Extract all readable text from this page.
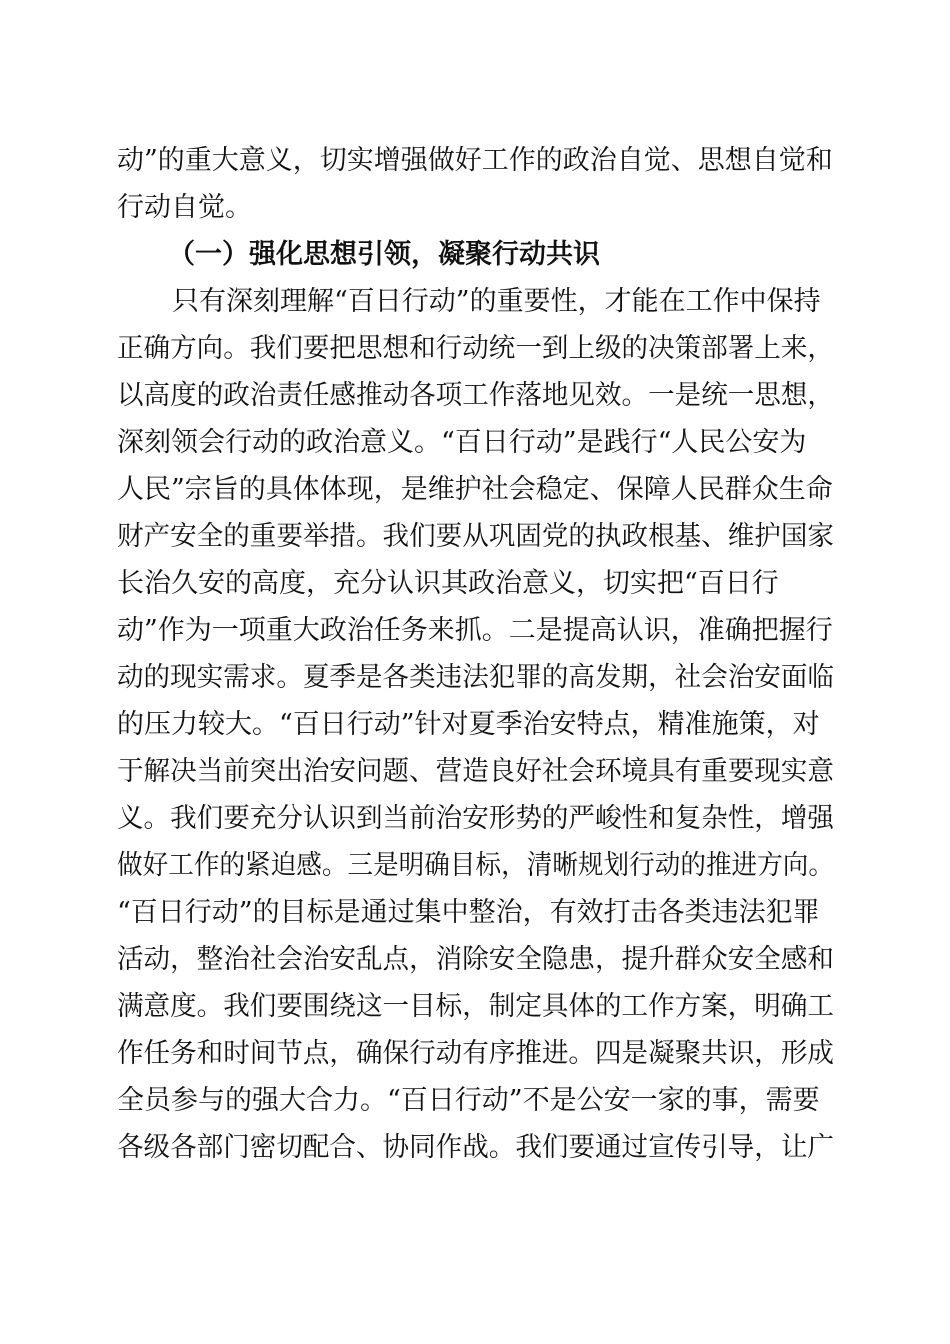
动”的重大意义，切实增强做好工作的政治自觉、思想自觉和
行动自觉。
（一）强化思想引领，凝聚行动共识
只有深刻理解“百日行动”的重要性，才能在工作中保持
正确方向。我们要把思想和行动统一到上级的决策部署上来，
以高度的政治责任感推动各项工作落地见效。一是统一思想，
深刻领会行动的政治意义。“百日行动”是践行“人民公安为
人民”宗旨的具体体现，是维护社会稳定、保障人民群众生命
财产安全的重要举措。我们要从巩固党的执政根基、维护国家
长治久安的高度，充分认识其政治意义，切实把“百日行
动”作为一项重大政治任务来抓。二是提高认识，准确把握行
动的现实需求。夏季是各类违法犯罪的高发期，社会治安面临
的压力较大。“百日行动”针对夏季治安特点，精准施策，对
于解决当前突出治安问题、营造良好社会环境具有重要现实意
义。我们要充分认识到当前治安形势的严峻性和复杂性，增强
做好工作的紧迫感。三是明确目标，清晰规划行动的推进方向。
“百日行动”的目标是通过集中整治，有效打击各类违法犯罪
活动，整治社会治安乱点，消除安全隐患，提升群众安全感和
满意度。我们要围绕这一目标，制定具体的工作方案，明确工
作任务和时间节点，确保行动有序推进。四是凝聚共识，形成
全员参与的强大合力。“百日行动”不是公安一家的事，需要
各级各部门密切配合、协同作战。我们要通过宣传引导，让广
